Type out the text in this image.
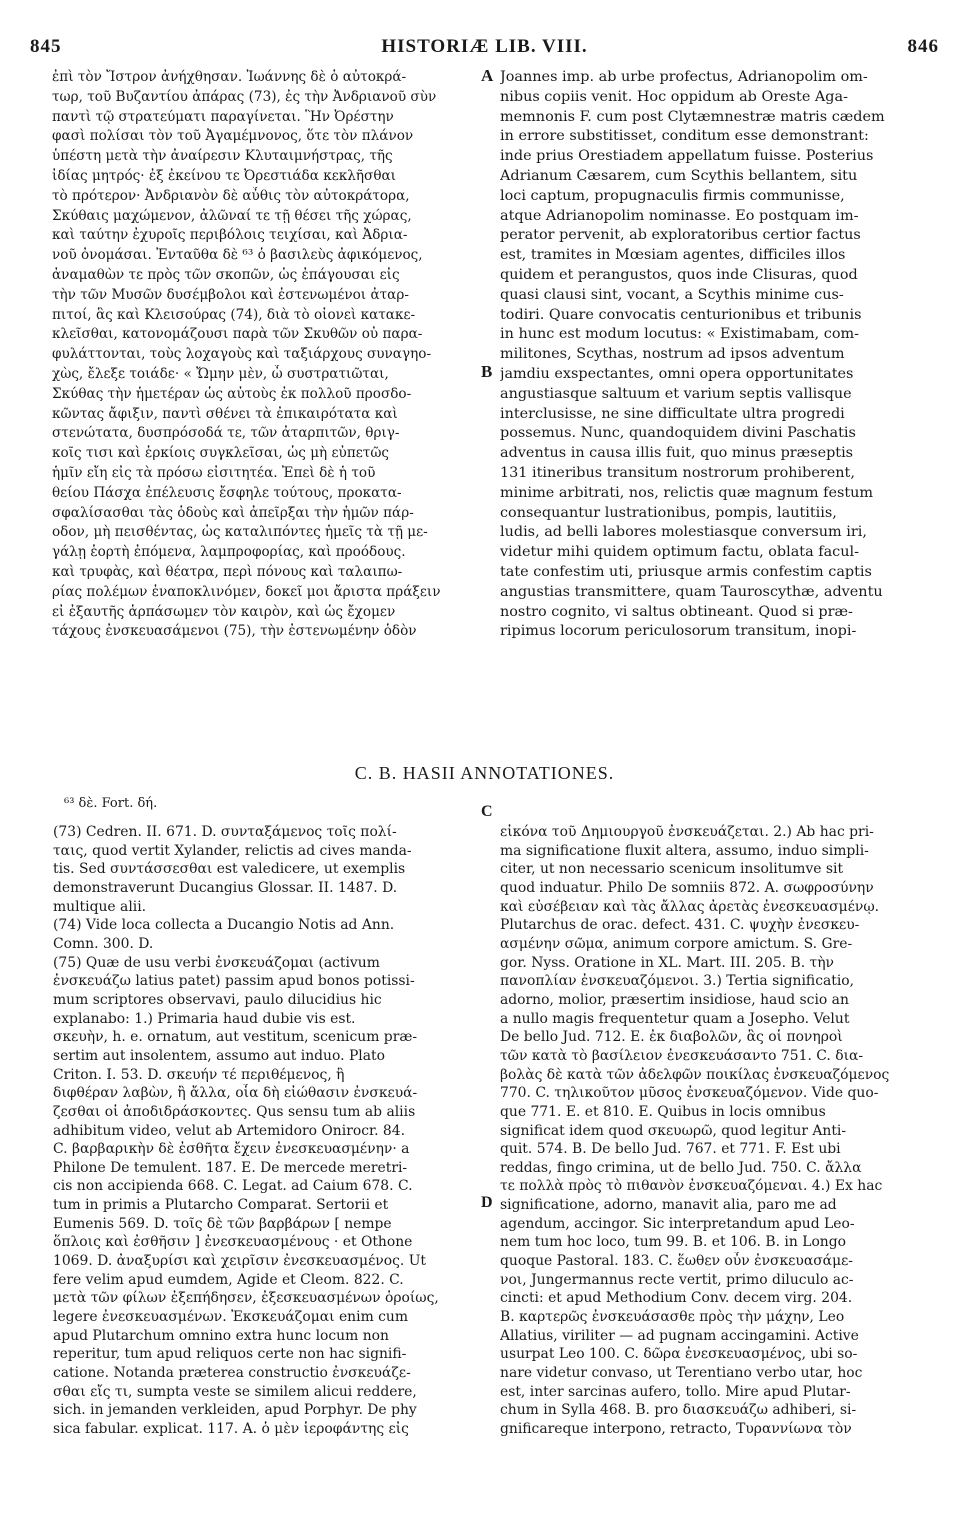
845	HISTORIÆ LIB. VIII.	846
ἐπὶ τὸν Ἴστρον ἀνήχθησαν. Ἰωάννης δὲ ὁ αὐτοκρά-
τωρ, τοῦ Βυζαντίου ἀπάρας (73), ἐς τὴν Ἀνδριανοῦ σὺν
παντὶ τῷ στρατεύματι παραγίνεται. Ἣν Ὀρέστην
φασὶ πολίσαι τὸν τοῦ Ἀγαμέμνονος, ὅτε τὸν πλάνον
ὑπέστη μετὰ τὴν ἀναίρεσιν Κλυταιμνήστρας, τῆς
ἰδίας μητρός· ἐξ ἐκείνου τε Ὀρεστιάδα κεκλῆσθαι
τὸ πρότερον· Ἀνδριανὸν δὲ αὖθις τὸν αὐτοκράτορα,
Σκύθαις μαχώμενον, ἀλῶναί τε τῇ θέσει τῆς χώρας,
καὶ ταύτην ἐχυροῖς περιβόλοις τειχίσαι, καὶ Ἀδρια-
νοῦ ὀνομάσαι. Ἐνταῦθα δὲ ⁶³ ὁ βασιλεὺς ἀφικόμενος,
ἀναμαθὼν τε πρὸς τῶν σκοπῶν, ὡς ἐπάγουσαι εἰς
τὴν τῶν Μυσῶν δυσέμβολοι καὶ ἐστενωμένοι ἀταρ-
πιτοί, ἃς καὶ Κλεισούρας (74), διὰ τὸ οἱονεὶ κατακε-
κλεῖσθαι, κατονομάζουσι παρὰ τῶν Σκυθῶν οὐ παρα-
φυλάττονται, τοὺς λοχαγοὺς καὶ ταξιάρχους συναγηο-
χὼς, ἔλεξε τοιάδε· « Ὤμην μὲν, ὦ συστρατιῶται,
Σκύθας τὴν ἡμετέραν ὡς αὐτοὺς ἐκ πολλοῦ προσδο-
κῶντας ἄφιξιν, παντὶ σθένει τὰ ἐπικαιρότατα καὶ
στενώτατα, δυσπρόσοδά τε, τῶν ἀταρπιτῶν, θριγ-
κοῖς τισι καὶ ἑρκίοις συγκλεῖσαι, ὡς μὴ εὐπετῶς
ἡμῖν εἴη εἰς τὰ πρόσω εἰσιτητέα. Ἐπεὶ δὲ ἡ τοῦ
θείου Πάσχα ἐπέλευσις ἔσφηλε τούτους, προκατα-
σφαλίσασθαι τὰς ὁδοὺς καὶ ἀπεῖρξαι τὴν ἡμῶν πάρ-
οδον, μὴ πεισθέντας, ὡς καταλιπόντες ἡμεῖς τὰ τῇ με-
γάλῃ ἑορτὴ ἐπόμενα, λαμπροφορίας, καὶ προόδους.
καὶ τρυφὰς, καὶ θέατρα, περὶ πόνους καὶ ταλαιπω-
ρίας πολέμων ἐναποκλινόμεν, δοκεῖ μοι ἄριστα πράξειν
εἰ ἐξαυτῆς ἁρπάσωμεν τὸν καιρὸν, καὶ ὡς ἔχομεν
τάχους ἐνσκευασάμενοι (75), τὴν ἐστενωμένην ὁδὸν
Joannes imp. ab urbe profectus, Adrianopolim om-
nibus copiis venit. Hoc oppidum ab Oreste Aga-
memnonis F. cum post Clytæmnestræ matris cædem
in errore substitisset, conditum esse demonstrant:
inde prius Orestiadem appellatum fuisse. Posterius
Adrianum Cæsarem, cum Scythis bellantem, situ
loci captum, propugnaculis firmis communisse,
atque Adrianopolim nominasse. Eo postquam im-
perator pervenit, ab exploratoribus certior factus
est, tramites in Mœsiam agentes, difficiles illos
quidem et perangustos, quos inde Clisuras, quod
quasi clausi sint, vocant, a Scythis minime cus-
todiri. Quare convocatis centurionibus et tribunis
in hunc est modum locutus: « Existimabam, com-
militones, Scythas, nostrum ad ipsos adventum
jamdiu exspectantes, omni opera opportunitates
angustiasque saltuum et varium septis vallisque
interclusisse, ne sine difficultate ultra progredi
possemus. Nunc, quandoquidem divini Paschatis
adventus in causa illis fuit, quo minus præseptis
131 itineribus transitum nostrorum prohiberent,
minime arbitrati, nos, relictis quæ magnum festum
consequantur lustrationibus, pompis, lautitiis,
ludis, ad belli labores molestiasque conversum iri,
videtur mihi quidem optimum factu, oblata facul-
tate confestim uti, priusque armis confestim captis
angustias transmittere, quam Tauroscythæ, adventu
nostro cognito, vi saltus obtineant. Quod si præ-
ripimus locorum periculosorum transitum, inopi-
A
B
C
D
C. B. HASII ANNOTATIONES.
⁶³ δὲ. Fort. δή.
(73) Cedren. II. 671. D. συνταξάμενος τοῖς πολί-
ταις, quod vertit Xylander, relictis ad cives manda-
tis. Sed συντάσσεσθαι est valedicere, ut exemplis
demonstraverunt Ducangius Glossar. II. 1487. D.
multique alii.
(74) Vide loca collecta a Ducangio Notis ad Ann.
Comn. 300. D.
(75) Quæ de usu verbi ἐνσκευάζομαι (activum
ἐνσκευάζω latius patet) passim apud bonos potissi-
mum scriptores observavi, paulo dilucidius hic
explanabo: 1.) Primaria haud dubie vis est.
σκευὴν, h. e. ornatum, aut vestitum, scenicum præ-
sertim aut insolentem, assumo aut induo. Plato
Criton. I. 53. D. σκευήν τέ περιθέμενος, ἢ
διφθέραν λαβὼν, ἢ ἄλλα, οἷα δὴ εἰώθασιν ἐνσκευά-
ζεσθαι οἱ ἀποδιδράσκοντες. Qus sensu tum ab aliis
adhibitum video, velut ab Artemidoro Onirocr. 84.
C. βαρβαρικὴν δὲ ἐσθῆτα ἔχειν ἐνεσκευασμένην· a
Philone De temulent. 187. E. De mercede meretri-
cis non accipienda 668. C. Legat. ad Caium 678. C.
tum in primis a Plutarcho Comparat. Sertorii et
Eumenis 569. D. τοῖς δὲ τῶν βαρβάρων [ nempe
ὅπλοις καὶ ἐσθῆσιν ] ἐνεσκευασμένους · et Othone
1069. D. ἀναξυρίσι καὶ χειρῖσιν ἐνεσκευασμένος. Ut
fere velim apud eumdem, Agide et Cleom. 822. C.
μετὰ τῶν φίλων ἐξεπήδησεν, ἐξεσκευασμένων ὁροίως,
legere ἐνεσκευασμένων. Ἐκσκευάζομαι enim cum
apud Plutarchum omnino extra hunc locum non
reperitur, tum apud reliquos certe non hac signifi-
catione. Notanda præterea constructio ἐνσκευάζε-
σθαι εἴς τι, sumpta veste se similem alicui reddere,
sich. in jemanden verkleiden, apud Porphyr. De phy
sica fabular. explicat. 117. A. ὁ μὲν ἱεροφάντης εἰς
εἰκόνα τοῦ Δημιουργοῦ ἐνσκευάζεται. 2.) Ab hac pri-
ma significatione fluxit altera, assumo, induo simpli-
citer, ut non necessario scenicum insolitumve sit
quod induatur. Philo De somniis 872. A. σωφροσύνην
καὶ εὐσέβειαν καὶ τὰς ἄλλας ἀρετὰς ἐνεσκευασμένῳ.
Plutarchus de orac. defect. 431. C. ψυχὴν ἐνεσκευ-
ασμένην σῶμα, animum corpore amictum. S. Gre-
gor. Nyss. Oratione in XL. Mart. III. 205. B. τὴν
πανοπλίαν ἐνσκευαζόμενοι. 3.) Tertia significatio,
adorno, molior, præsertim insidiose, haud scio an
a nullo magis frequentetur quam a Josepho. Velut
De bello Jud. 712. E. ἐκ διαβολῶν, ἃς οἱ πονηροὶ
τῶν κατὰ τὸ βασίλειον ἐνεσκευάσαντο 751. C. δια-
βολὰς δὲ κατὰ τῶν ἀδελφῶν ποικίλας ἐνσκευαζόμενος
770. C. τηλικοῦτον μῦσος ἐνσκευαζόμενον. Vide quo-
que 771. E. et 810. E. Quibus in locis omnibus
significat idem quod σκευωρῶ, quod legitur Anti-
quit. 574. B. De bello Jud. 767. et 771. F. Est ubi
reddas, fingo crimina, ut de bello Jud. 750. C. ἄλλα
τε πολλὰ πρὸς τὸ πιθανὸν ἐνσκευαζόμεναι. 4.) Ex hac
significatione, adorno, manavit alia, paro me ad
agendum, accingor. Sic interpretandum apud Leo-
nem tum hoc loco, tum 99. B. et 106. B. in Longo
quoque Pastoral. 183. C. ἕωθεν οὖν ἐνσκευασάμε-
νοι, Jungermannus recte vertit, primo diluculo ac-
cincti: et apud Methodium Conv. decem virg. 204.
B. καρτερῶς ἐνσκευάσασθε πρὸς τὴν μάχην, Leo
Allatius, viriliter — ad pugnam accingamini. Active
usurpat Leo 100. C. δῶρα ἐνεσκευασμένος, ubi so-
nare videtur convaso, ut Terentiano verbo utar, hoc
est, inter sarcinas aufero, tollo. Mire apud Plutar-
chum in Sylla 468. B. pro διασκευάζω adhiberi, si-
gnificareque interpono, retracto, Τυραννίωνα τὸν
